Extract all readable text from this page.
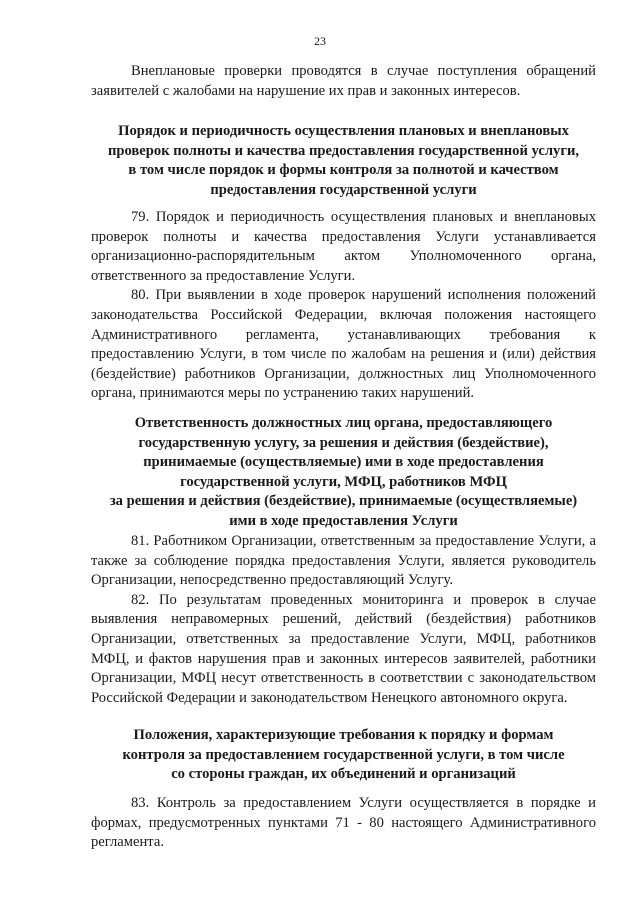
23

Внеплановые проверки проводятся в случае поступления обращений заявителей с жалобами на нарушение их прав и законных интересов.

Порядок и периодичность осуществления плановых и внеплановых
проверок полноты и качества предоставления государственной услуги,
в том числе порядок и формы контроля за полнотой и качеством
предоставления государственной услуги

79. Порядок и периодичность осуществления плановых и внеплановых проверок полноты и качества предоставления Услуги устанавливается организационно-распорядительным актом Уполномоченного органа, ответственного за предоставление Услуги.

80. При выявлении в ходе проверок нарушений исполнения положений законодательства Российской Федерации, включая положения настоящего Административного регламента, устанавливающих требования к предоставлению Услуги, в том числе по жалобам на решения и (или) действия (бездействие) работников Организации, должностных лиц Уполномоченного органа, принимаются меры по устранению таких нарушений.

Ответственность должностных лиц органа, предоставляющего
государственную услугу, за решения и действия (бездействие),
принимаемые (осуществляемые) ими в ходе предоставления
государственной услуги, МФЦ, работников МФЦ
за решения и действия (бездействие), принимаемые (осуществляемые)
ими в ходе предоставления Услуги

81. Работником Организации, ответственным за предоставление Услуги, а также за соблюдение порядка предоставления Услуги, является руководитель Организации, непосредственно предоставляющий Услугу.

82. По результатам проведенных мониторинга и проверок в случае выявления неправомерных решений, действий (бездействия) работников Организации, ответственных за предоставление Услуги, МФЦ, работников МФЦ, и фактов нарушения прав и законных интересов заявителей, работники Организации, МФЦ несут ответственность в соответствии с законодательством Российской Федерации и законодательством Ненецкого автономного округа.

Положения, характеризующие требования к порядку и формам
контроля за предоставлением государственной услуги, в том числе
со стороны граждан, их объединений и организаций

83. Контроль за предоставлением Услуги осуществляется в порядке и формах, предусмотренных пунктами 71 - 80 настоящего Административного регламента.
